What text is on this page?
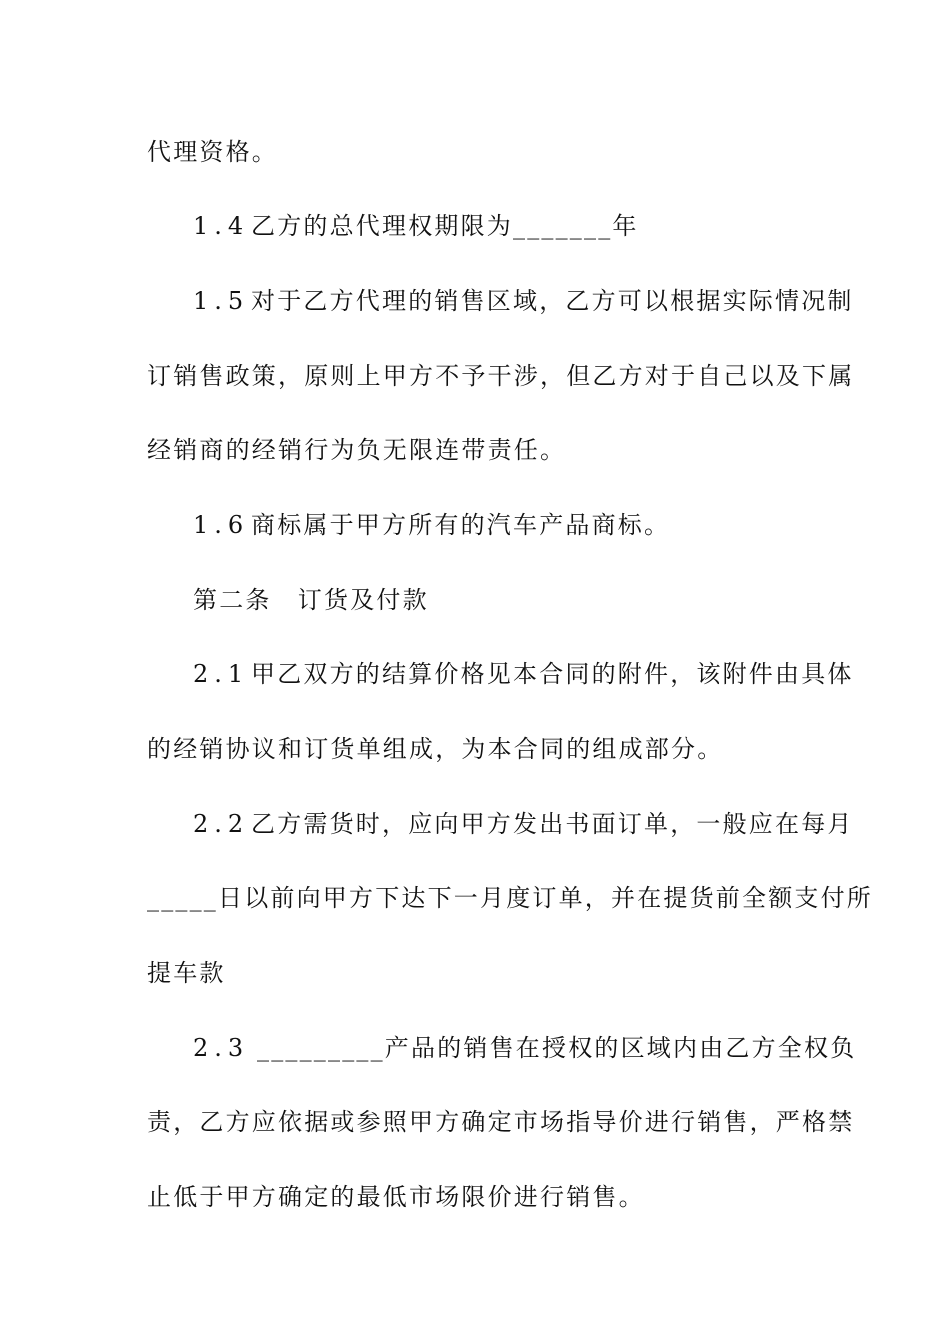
代理资格。
1.4乙方的总代理权期限为_______年
1.5对于乙方代理的销售区域，乙方可以根据实际情况制
订销售政策，原则上甲方不予干涉，但乙方对于自己以及下属
经销商的经销行为负无限连带责任。
1.6商标属于甲方所有的汽车产品商标。
第二条　订货及付款
2.1甲乙双方的结算价格见本合同的附件，该附件由具体
的经销协议和订货单组成，为本合同的组成部分。
2.2乙方需货时，应向甲方发出书面订单，一般应在每月
_____日以前向甲方下达下一月度订单，并在提货前全额支付所
提车款
2.3 _________产品的销售在授权的区域内由乙方全权负
责，乙方应依据或参照甲方确定市场指导价进行销售，严格禁
止低于甲方确定的最低市场限价进行销售。
